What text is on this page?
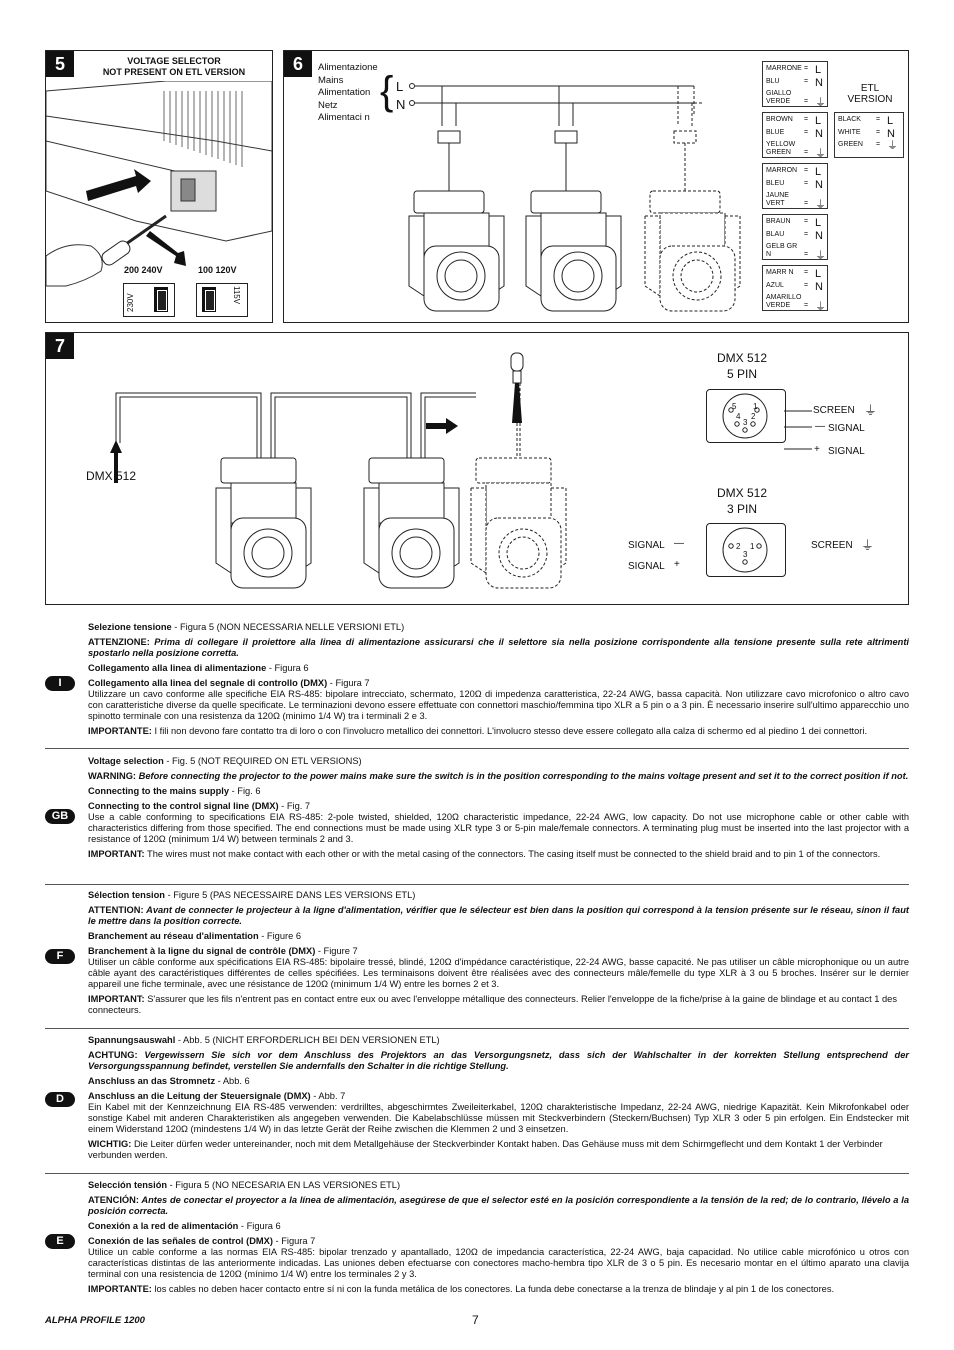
5	VOLTAGE SELECTOR
NOT PRESENT ON ETL VERSION
200 240V	100 120V
230V	115V
6	Alimentazione
Mains
Alimentation
Netz
Alimentaci n
{ L
N
MARRONE = L
BLU	= N
GIALLO VERDE = ⏚
BROWN = L
BLUE	= N
YELLOW GREEN = ⏚
MARRON = L
BLEU	= N
JAUNE VERT	= ⏚
BRAUN = L
BLAU	= N
GELB GR N	= ⏚
MARR N = L
AZUL	= N
AMARILLO VERDE = ⏚
ETL
VERSION
BLACK = L
WHITE = N
GREEN = ⏚
7
DMX 512
DMX 512
5 PIN
5 1
4 2
3
SCREEN ⏚
— SIGNAL
+ SIGNAL
DMX 512
3 PIN
2 1
3
SIGNAL —
SIGNAL +
SCREEN ⏚
I

Selezione tensione - Figura 5 (NON NECESSARIA NELLE VERSIONI ETL)

ATTENZIONE: Prima di collegare il proiettore alla linea di alimentazione assicurarsi che il selettore sia nella posizione corrispondente alla tensione presente sulla rete altrimenti spostarlo nella posizione corretta.

Collegamento alla linea di alimentazione - Figura 6

Collegamento alla linea del segnale di controllo (DMX) - Figura 7
Utilizzare un cavo conforme alle specifiche EIA RS-485: bipolare intrecciato, schermato, 120Ω di impedenza caratteristica, 22-24 AWG, bassa capacità. Non utilizzare cavo microfonico o altro cavo con caratteristiche diverse da quelle specificate. Le terminazioni devono essere effettuate con connettori maschio/femmina tipo XLR a 5 pin o a 3 pin. È necessario inserire sull'ultimo apparecchio uno spinotto terminale con una resistenza da 120Ω (minimo 1/4 W) tra i terminali 2 e 3.

IMPORTANTE: I fili non devono fare contatto tra di loro o con l'involucro metallico dei connettori. L'involucro stesso deve essere collegato alla calza di schermo ed al piedino 1 dei connettori.

GB

Voltage selection - Fig. 5 (NOT REQUIRED ON ETL VERSIONS)

WARNING: Before connecting the projector to the power mains make sure the switch is in the position corresponding to the mains voltage present and set it to the correct position if not.

Connecting to the mains supply - Fig. 6

Connecting to the control signal line (DMX) - Fig. 7
Use a cable conforming to specifications EIA RS-485: 2-pole twisted, shielded, 120Ω characteristic impedance, 22-24 AWG, low capacity. Do not use microphone cable or other cable with characteristics differing from those specified. The end connections must be made using XLR type 3 or 5-pin male/female connectors. A terminating plug must be inserted into the last projector with a resistance of 120Ω (minimum 1/4 W) between terminals 2 and 3.

IMPORTANT: The wires must not make contact with each other or with the metal casing of the connectors. The casing itself must be connected to the shield braid and to pin 1 of the connectors.

F

Sélection tension - Figure 5 (PAS NECESSAIRE DANS LES VERSIONS ETL)

ATTENTION: Avant de connecter le projecteur à la ligne d'alimentation, vérifier que le sélecteur est bien dans la position qui correspond à la tension présente sur le réseau, sinon il faut le mettre dans la position correcte.

Branchement au réseau d'alimentation - Figure 6

Branchement à la ligne du signal de contrôle (DMX) - Figure 7
Utiliser un câble conforme aux spécifications EIA RS-485: bipolaire tressé, blindé, 120Ω d'impédance caractéristique, 22-24 AWG, basse capacité. Ne pas utiliser un câble microphonique ou un autre câble ayant des caractéristiques différentes de celles spécifiées. Les terminaisons doivent être réalisées avec des connecteurs mâle/femelle du type XLR à 3 ou 5 broches. Insérer sur le dernier appareil une fiche terminale, avec une résistance de 120Ω (minimum 1/4 W) entre les bornes 2 et 3.

IMPORTANT: S'assurer que les fils n'entrent pas en contact entre eux ou avec l'enveloppe métallique des connecteurs. Relier l'enveloppe de la fiche/prise à la gaine de blindage et au contact 1 des connecteurs.

D

Spannungsauswahl - Abb. 5 (NICHT ERFORDERLICH BEI DEN VERSIONEN ETL)

ACHTUNG: Vergewissern Sie sich vor dem Anschluss des Projektors an das Versorgungsnetz, dass sich der Wahlschalter in der korrekten Stellung entsprechend der Versorgungsspannung befindet, verstellen Sie andernfalls den Schalter in die richtige Stellung.

Anschluss an das Stromnetz - Abb. 6

Anschluss an die Leitung der Steuersignale (DMX) - Abb. 7
Ein Kabel mit der Kennzeichnung EIA RS-485 verwenden: verdrilltes, abgeschirmtes Zweileiterkabel, 120Ω charakteristische Impedanz, 22-24 AWG, niedrige Kapazität. Kein Mikrofonkabel oder sonstige Kabel mit anderen Charakteristiken als angegeben verwenden. Die Kabelabschlüsse müssen mit Steckverbindern (Steckern/Buchsen) Typ XLR 3 oder 5 pin erfolgen. Ein Endstecker mit einem Widerstand 120Ω (mindestens 1/4 W) in das letzte Gerät der Reihe zwischen die Klemmen 2 und 3 einsetzen.

WICHTIG: Die Leiter dürfen weder untereinander, noch mit dem Metallgehäuse der Steckverbinder Kontakt haben. Das Gehäuse muss mit dem Schirmgeflecht und dem Kontakt 1 der Verbinder verbunden werden.

E

Selección tensión - Figura 5 (NO NECESARIA EN LAS VERSIONES ETL)

ATENCIÓN: Antes de conectar el proyector a la línea de alimentación, asegúrese de que el selector esté en la posición correspondiente a la tensión de la red; de lo contrario, llévelo a la posición correcta.

Conexión a la red de alimentación - Figura 6

Conexión de las señales de control (DMX) - Figura 7
Utilice un cable conforme a las normas EIA RS-485: bipolar trenzado y apantallado, 120Ω de impedancia característica, 22-24 AWG, baja capacidad. No utilice cable microfónico u otros con características distintas de las anteriormente indicadas. Las uniones deben efectuarse con conectores macho-hembra tipo XLR de 3 o 5 pin. Es necesario montar en el último aparato una clavija terminal con una resistencia de 120Ω (mínimo 1/4 W) entre los terminales 2 y 3.

IMPORTANTE: los cables no deben hacer contacto entre sí ni con la funda metálica de los conectores. La funda debe conectarse a la trenza de blindaje y al pin 1 de los conectores.

ALPHA PROFILE 1200	7
